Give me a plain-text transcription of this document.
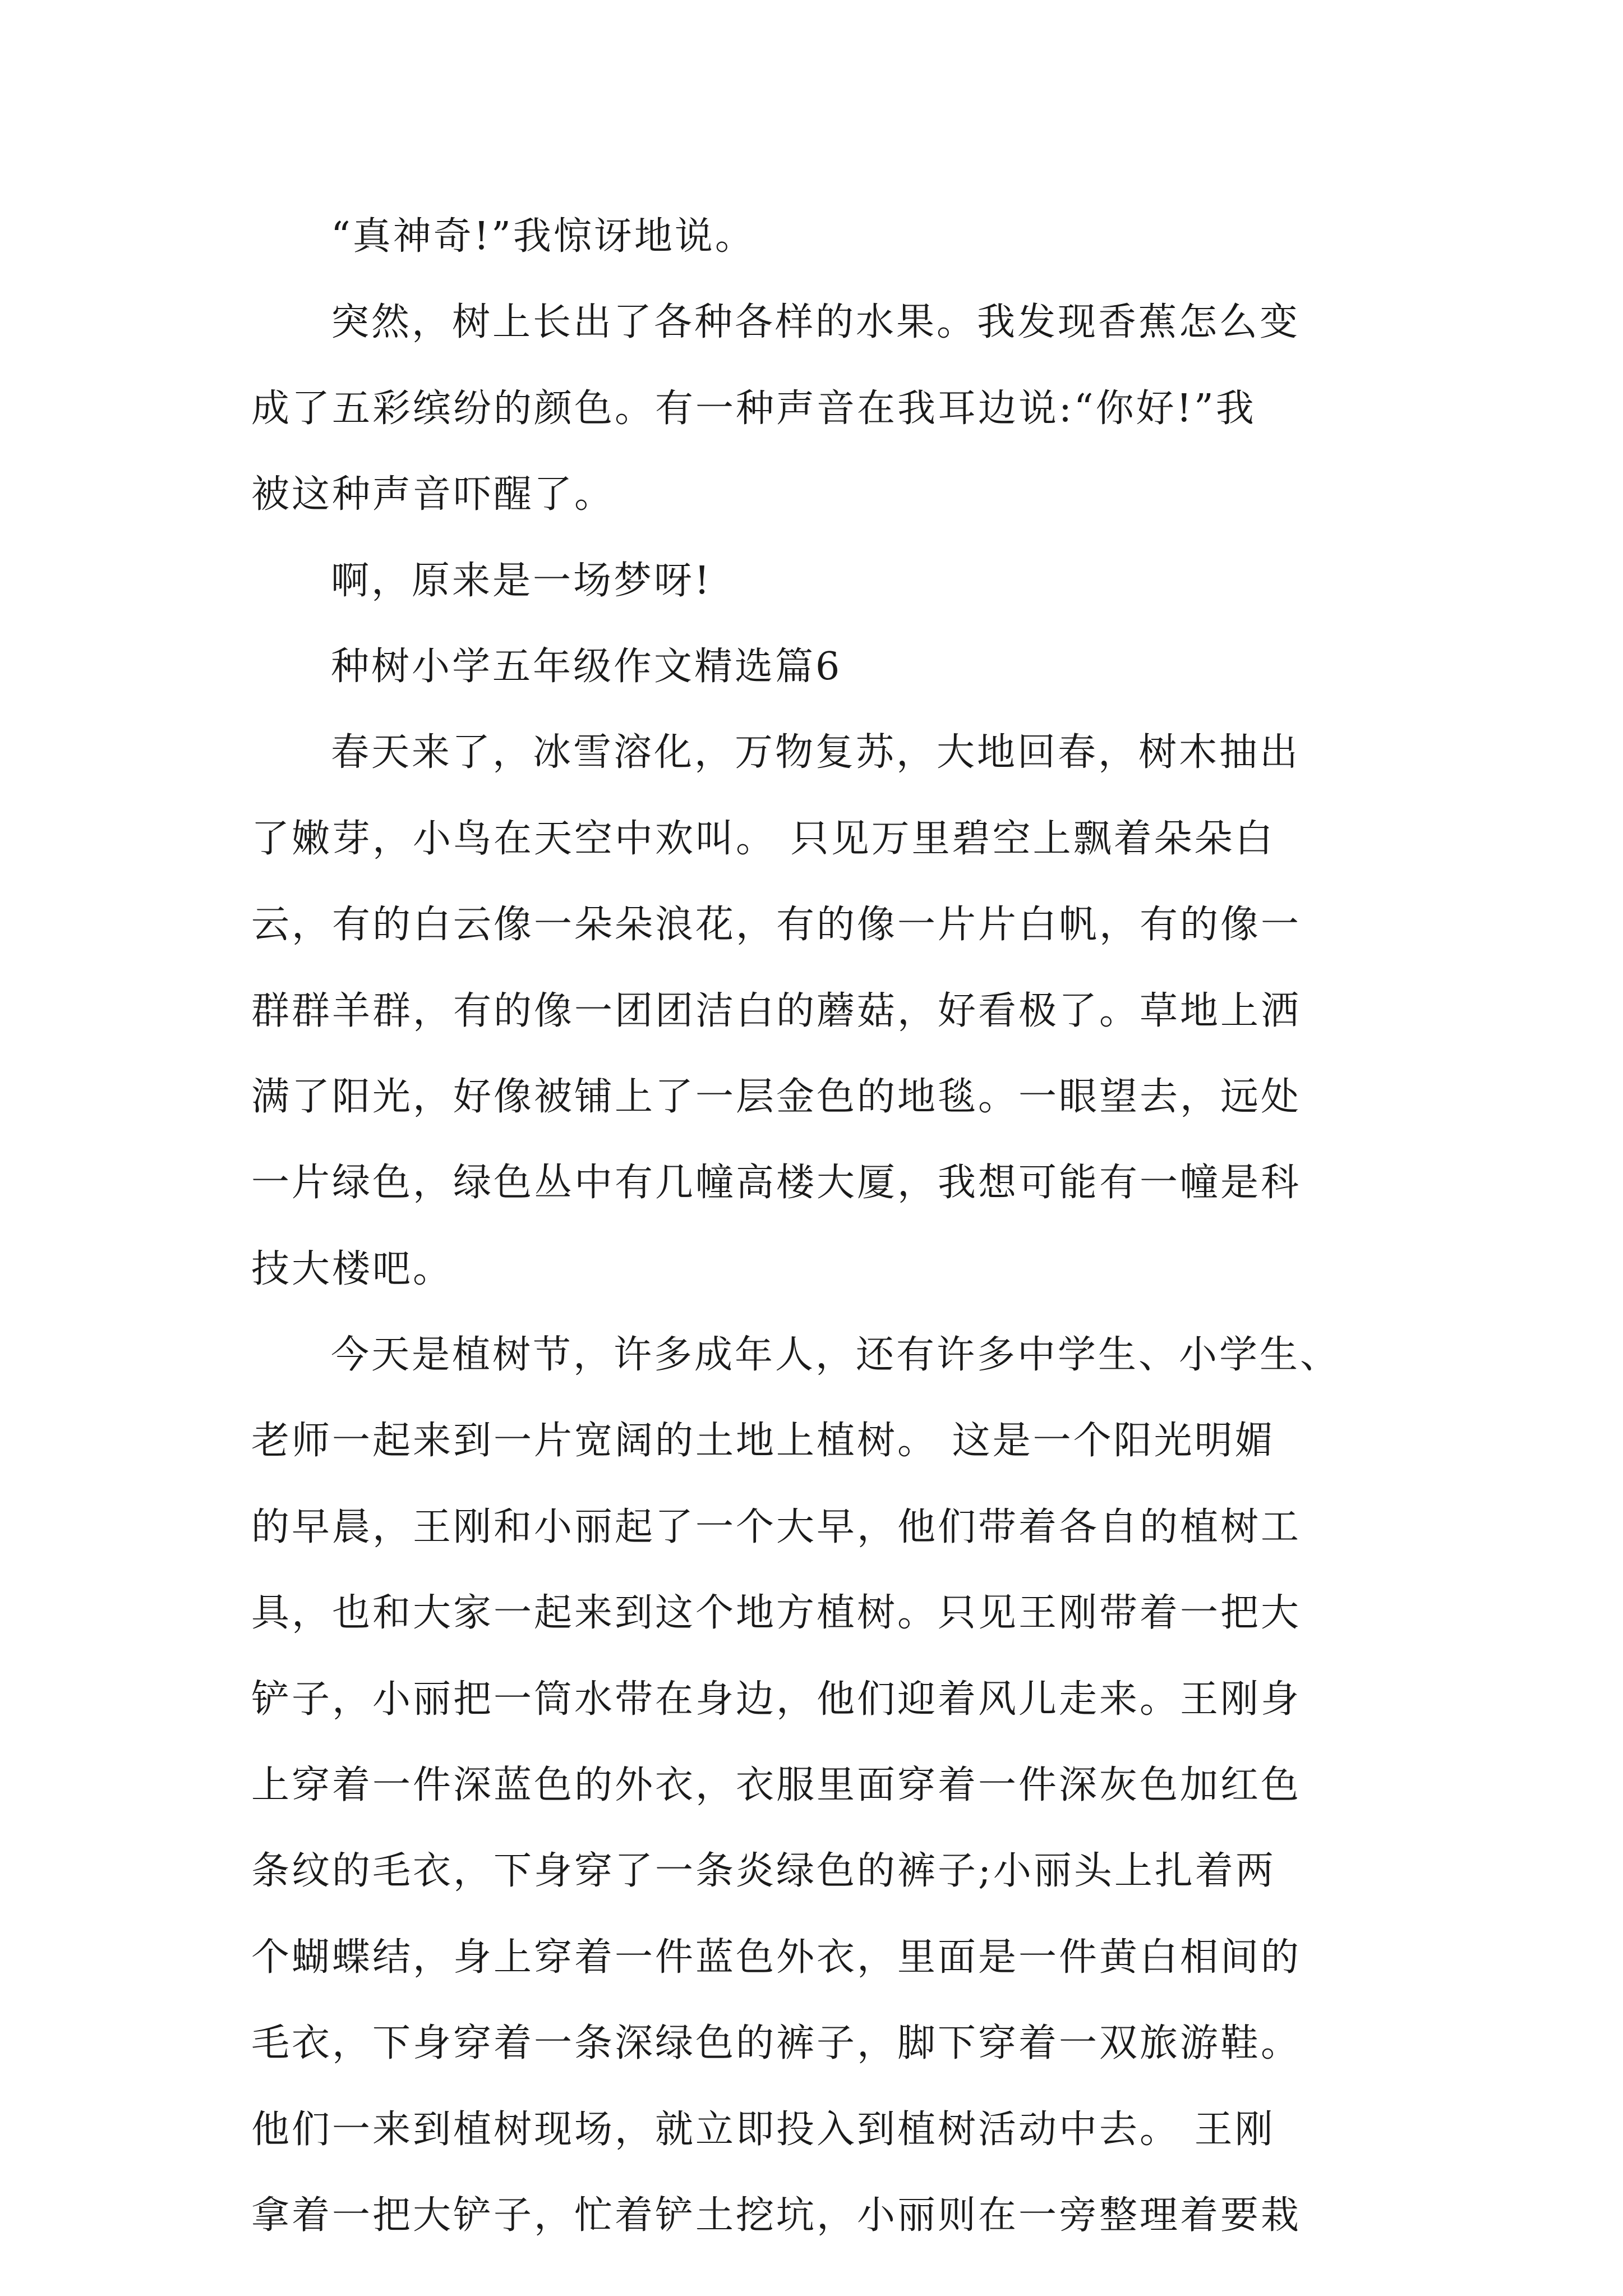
“真神奇!”我惊讶地说。
突然，树上长出了各种各样的水果。我发现香蕉怎么变
成了五彩缤纷的颜色。有一种声音在我耳边说:“你好!”我
被这种声音吓醒了。
啊，原来是一场梦呀!
种树小学五年级作文精选篇6
春天来了，冰雪溶化，万物复苏，大地回春，树木抽出
了嫩芽，小鸟在天空中欢叫。 只见万里碧空上飘着朵朵白
云，有的白云像一朵朵浪花，有的像一片片白帆，有的像一
群群羊群，有的像一团团洁白的蘑菇，好看极了。草地上洒
满了阳光，好像被铺上了一层金色的地毯。一眼望去，远处
一片绿色，绿色丛中有几幢高楼大厦，我想可能有一幢是科
技大楼吧。
今天是植树节，许多成年人，还有许多中学生、小学生、
老师一起来到一片宽阔的土地上植树。 这是一个阳光明媚
的早晨，王刚和小丽起了一个大早，他们带着各自的植树工
具，也和大家一起来到这个地方植树。只见王刚带着一把大
铲子，小丽把一筒水带在身边，他们迎着风儿走来。王刚身
上穿着一件深蓝色的外衣，衣服里面穿着一件深灰色加红色
条纹的毛衣，下身穿了一条炎绿色的裤子;小丽头上扎着两
个蝴蝶结，身上穿着一件蓝色外衣，里面是一件黄白相间的
毛衣，下身穿着一条深绿色的裤子，脚下穿着一双旅游鞋。
他们一来到植树现场，就立即投入到植树活动中去。 王刚
拿着一把大铲子，忙着铲土挖坑，小丽则在一旁整理着要栽
